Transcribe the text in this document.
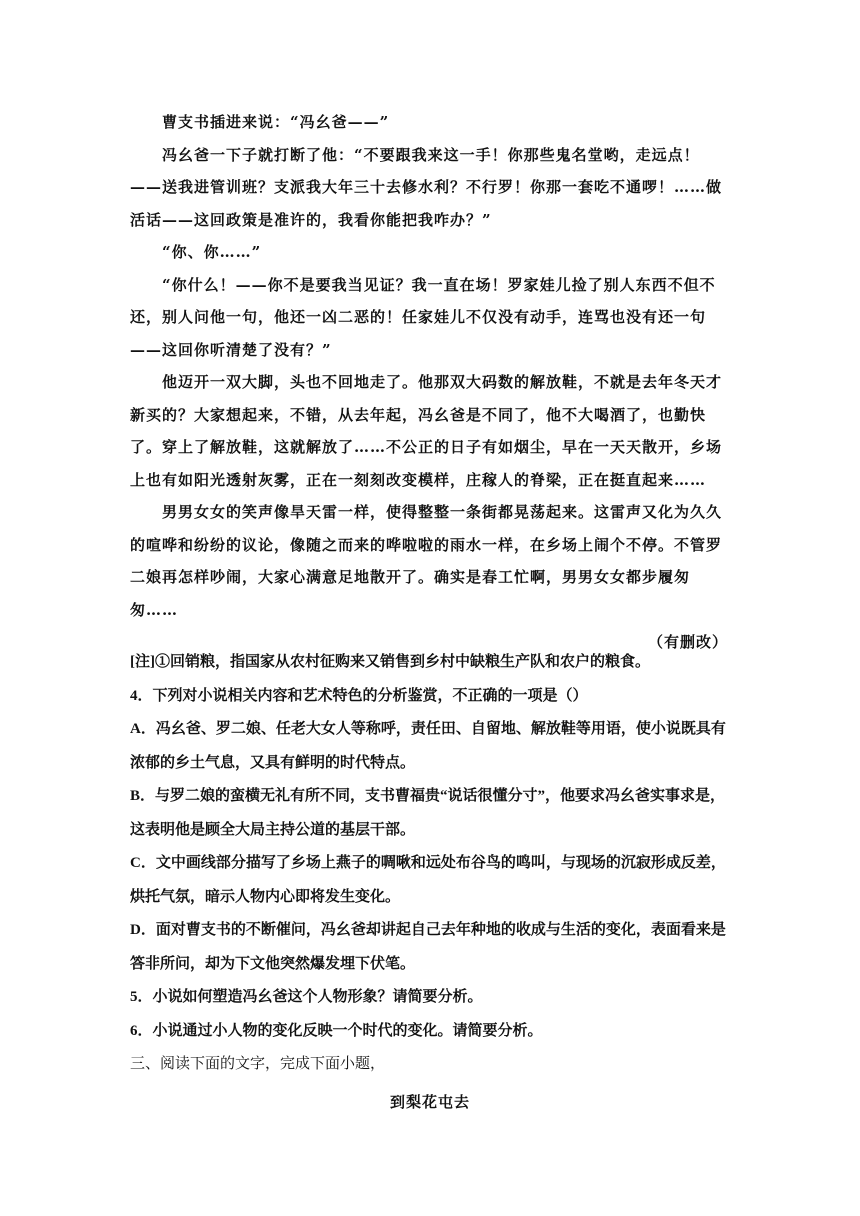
曹支书插进来说：“冯幺爸——”

冯幺爸一下子就打断了他：“不要跟我来这一手！你那些鬼名堂哟，走远点！——送我进管训班？支派我大年三十去修水利？不行罗！你那一套吃不通啰！……做活话——这回政策是准许的，我看你能把我咋办？”

“你、你……”

“你什么！——你不是要我当见证？我一直在场！罗家娃儿捡了别人东西不但不还，别人问他一句，他还一凶二恶的！任家娃儿不仅没有动手，连骂也没有还一句——这回你听清楚了没有？”

他迈开一双大脚，头也不回地走了。他那双大码数的解放鞋，不就是去年冬天才新买的？大家想起来，不错，从去年起，冯幺爸是不同了，他不大喝酒了，也勤快了。穿上了解放鞋，这就解放了……不公正的日子有如烟尘，早在一天天散开，乡场上也有如阳光透射灰雾，正在一刻刻改变模样，庄稼人的脊梁，正在挺直起来……

男男女女的笑声像旱天雷一样，使得整整一条街都晃荡起来。这雷声又化为久久的喧哗和纷纷的议论，像随之而来的哗啦啦的雨水一样，在乡场上闹个不停。不管罗二娘再怎样吵闹，大家心满意足地散开了。确实是春工忙啊，男男女女都步履匆匆……

（有删改）

[注]①回销粮，指国家从农村征购来又销售到乡村中缺粮生产队和农户的粮食。

4．下列对小说相关内容和艺术特色的分析鉴赏，不正确的一项是（）

A．冯幺爸、罗二娘、任老大女人等称呼，责任田、自留地、解放鞋等用语，使小说既具有浓郁的乡土气息，又具有鲜明的时代特点。

B．与罗二娘的蛮横无礼有所不同，支书曹福贵“说话很懂分寸”，他要求冯幺爸实事求是，这表明他是顾全大局主持公道的基层干部。

C．文中画线部分描写了乡场上燕子的啁啾和远处布谷鸟的鸣叫，与现场的沉寂形成反差，烘托气氛，暗示人物内心即将发生变化。

D．面对曹支书的不断催问，冯幺爸却讲起自己去年种地的收成与生活的变化，表面看来是答非所问，却为下文他突然爆发埋下伏笔。

5．小说如何塑造冯幺爸这个人物形象？请简要分析。

6．小说通过小人物的变化反映一个时代的变化。请简要分析。

三、阅读下面的文字，完成下面小题，

到梨花屯去
